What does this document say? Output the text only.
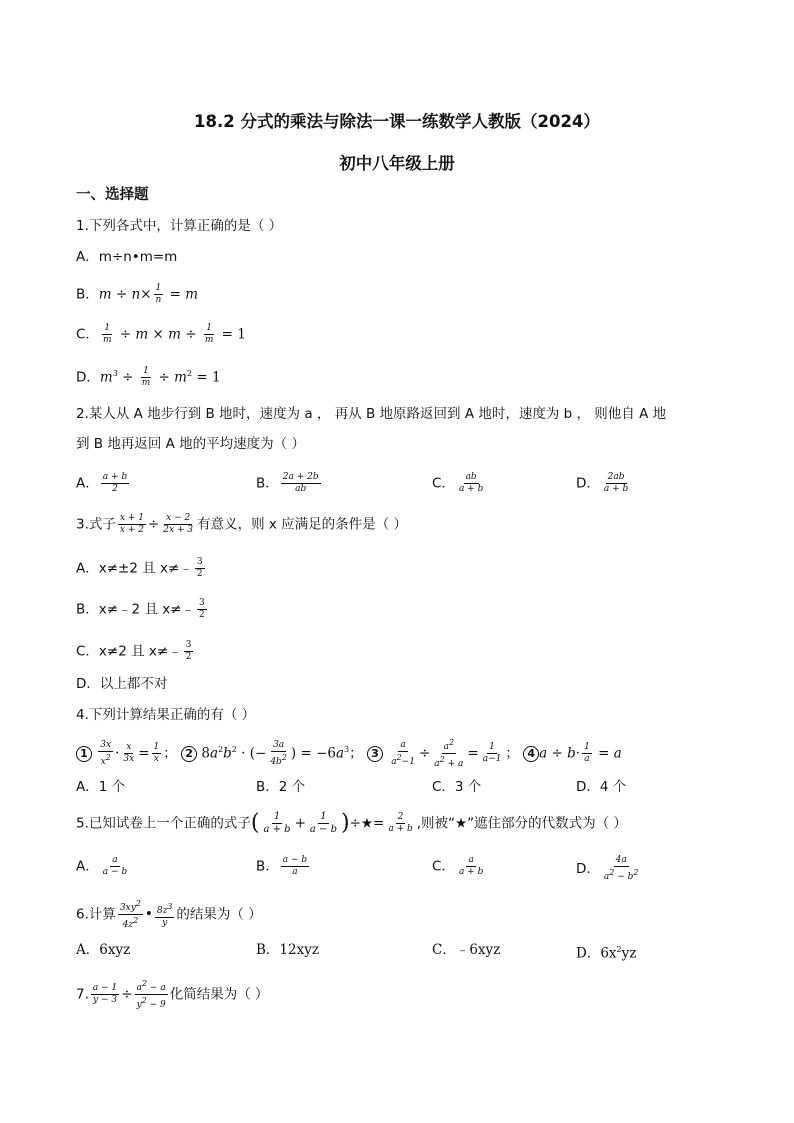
18.2 分式的乘法与除法一课一练数学人教版（2024）
初中八年级上册
一、选择题
1.下列各式中，计算正确的是（ ）
A．m÷n•m=m
B．$m \div n\times \frac{1}{n} = m$
C． $\frac{1}{m} \div m \times m \div \frac{1}{m} = 1$
D．$m^3 \div \frac{1}{m} \div m^2 = 1$
2.某人从 A 地步行到 B 地时，速度为 a ， 再从 B 地原路返回到 A 地时，速度为 b ， 则他自 A 地
到 B 地再返回 A 地的平均速度为（ ）
A． $\frac{a + b}{2}$	B． $\frac{2a + 2b}{ab}$	C． $\frac{ab}{a + b}$	D． $\frac{2ab}{a + b}$
3.式子 $\frac{x + 1}{x + 2} \div \frac{x - 2}{2x + 3}$ 有意义，则 x 应满足的条件是（ ）
A．x≠±2 且 x≠﹣ $\frac{3}{2}$
B．x≠﹣2 且 x≠﹣ $\frac{3}{2}$
C．x≠2 且 x≠﹣ $\frac{3}{2}$
D．以上都不对
4.下列计算结果正确的有（ ）
$1 \frac{3x}{x^2} \cdot \frac{x}{3x} = \frac{1}{x}$ ； 2 $8a^2b^2$ · (− $\frac{3a}{4b^2}$ ) = $-6a^3$； $3 \frac{a}{a^2-1} \div \frac{a^2}{a^2 + a} = \frac{1}{a-1}$ ； 4 $a \div b\cdot \frac{1}{a} = a$
A．1 个	B．2 个	C．3 个	D．4 个
5.已知试卷上一个正确的式子( $\frac{1}{a + b} + \frac{1}{a - b}$ )÷★= $\frac{2}{a + b}$ ,则被“★”遮住部分的代数式为（ ）
A． $\frac{a}{a - b}$	B． $\frac{a - b}{a}$	C． $\frac{a}{a + b}$	D． $\frac{4a}{a^2 - b^2}$
6.计算 $\frac{3xy^2}{4z^2}$ • $\frac{8z^3}{y}$ 的结果为（ ）
A．6xyz	B．12xyz	C．﹣6xyz	D．$6x^2yz$
7. $\frac{a - 1}{y - 3} \div \frac{a^2 - a}{y^2 - 9}$ 化简结果为（ ）
